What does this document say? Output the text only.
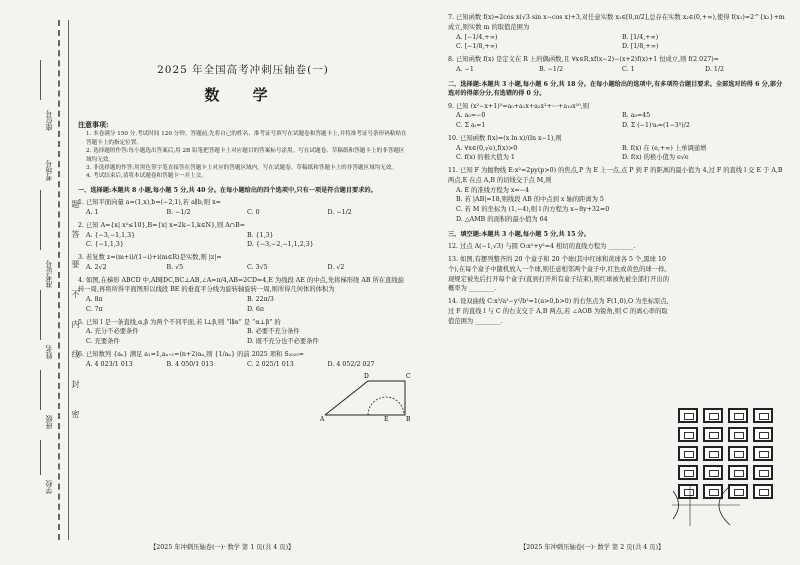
座位号
考场号
准考证号
姓名
班级
学校
题
答
要
不
内
线
封
密
2025 年全国高考冲刺压轴卷(一)
数 学
注意事项:

1. 本卷满分 150 分,考试时间 120 分钟。答题前,先将自己的姓名、准考证号填写在试题卷和答题卡上,并将准考证号条形码粘贴在答题卡上的指定位置。

2. 选择题的作答:每小题选出答案后,用 2B 铅笔把答题卡上对应题目的答案标号涂黑。写在试题卷、草稿纸和答题卡上的非答题区域均无效。

3. 非选择题的作答:用黑色签字笔直接答在答题卡上对应的答题区域内。写在试题卷、草稿纸和答题卡上的非答题区域均无效。

4. 考试结束后,请将本试题卷和答题卡一并上交。

一、选择题:本题共 8 小题,每小题 5 分,共 40 分。在每小题给出的四个选项中,只有一项是符合题目要求的。
1. 已知平面向量 a=(1,x),b=(−2,1),若 a∥b,则 x=
A. 1	B. −1/2	C. 0	D. −1/2
2. 已知 A={x| x²≤10},B={x| x=2k−1,k∈N},则 A∩B=
A. {−3,−1,1,3}	B. {1,3}
C. {−1,1,3}	D. {−3,−2,−1,1,2,3}
3. 若复数 z=(m+i)/(1−i)+i(m∈R)是实数,则 |z|=
A. 2√2	B. √5	C. 3√5	D. √2
4. 如图,在梯形 ABCD 中,AB∥DC,BC⊥AB,∠A=π/4,AB=2CD=4,E 为线段 AE 的中点,先将梯形绕 AB 所在直线旋转一周,再将所得平面图形以线段 BE 的垂直平分线为旋转轴旋转一周,则所得几何体的体积为
A. 8π	B. 22π/3
C. 7π	D. 6π
5. 已知 l 是一条直线,α,β 为两个不同平面,若 l⊥β,则 “l∥α” 是 “α⊥β” 的
A. 充分不必要条件	B. 必要不充分条件
C. 充要条件	D. 既不充分也不必要条件
6. 已知数列 {aₙ} 满足 a₁=1,aₙ₊₁=(n+2)aₙ,则 {1/aₙ} 的前 2025 项和 S₂₀₂₅=
A. 4 023/1 013	B. 4 050/1 013	C. 2 025/1 013	D. 4 052/2 027
D	C
A	E	B
【2025 年冲刺压轴卷(一)· 数学 第 1 页(共 4 页)】
7. 已知函数 f(x)=2cos x(√3 sin x−cos x)+3,对任意实数 x₁∈[0,π/2],总存在实数 x₂∈(0,+∞),使得 f(x₁)=2^{x₂}+m 成立,则实数 m 的取值范围为
A. [−1/4,+∞)	B. [1/4,+∞)
C. [−1/8,+∞)	D. [1/8,+∞)
8. 已知函数 f(x) 是定义在 R 上的偶函数,且 ∀x∈R,xf(x−2)−(x+2)f(x)+1 恒成立,则 f(2 027)=
A. −1	B. −1/2	C. 1	D. 1/2
二、选择题:本题共 3 小题,每小题 6 分,共 18 分。在每小题给出的选项中,有多项符合题目要求。全部选对的得 6 分,部分选对的得部分分,有选错的得 0 分。
9. 已知 (x²−x+1)⁵=a₀+a₁x+a₂x²+⋯+a₁₀x¹⁰,则
A. a₀=−0	B. a₈=45
C. Σ aᵢ=1	D. Σ (−1)ⁱaᵢ=(1−3⁵)/2
10. 已知函数 f(x)=(x ln x)/(ln x−1),则
A. ∀x∈(0,√e),f(x)>0	B. f(x) 在 (e,+∞) 上单调递增
C. f(x) 的极大值为 1	D. f(x) 的极小值为 e√e
11. 已知 F 为抛物线 E:x²=2py(p>0) 的焦点,P 为 E 上一点,点 P 到 F 的距离的最小值为 4,过 F 的直线 l 交 E 于 A,B 两点,E 在点 A,B 的切线交于点 M,则
A. E 的准线方程为 x=−4
B. 若 |AB|=18,则线段 AB 的中点到 x 轴的距离为 5
C. 若 M 的坐标为 (1,−4),则 l 的方程为 x−8y+32=0
D. △AMB 的面积的最小值为 64
三、填空题:本题共 3 小题,每小题 5 分,共 15 分。
12. 过点 A(−1,√3) 与圆 O:x²+y²=4 相切的直线方程为 ________.
13. 如图,有摆列整齐的 20 个盒子和 20 个球(其中红球和黄球各 5 个,黑球 10 个),在每个盒子中随机放入一个球,则任意相邻两个盒子中,红色或黄色的球一样。现规定被先后打开每个盒子(直到打开所有盒子结束),则红球被先被全部打开出的概率为 ________.
14. 设双曲线 C:x²/a²−y²/b²=1(a>0,b>0) 的右焦点为 F(1,0),O 为坐标原点,过 F 的直线 l 与 C 的右支交于 A,B 两点,若 ∠AOB 为锐角,则 C 的离心率的取值范围为 ________.
【2025 年冲刺压轴卷(一)· 数学 第 2 页(共 4 页)】
